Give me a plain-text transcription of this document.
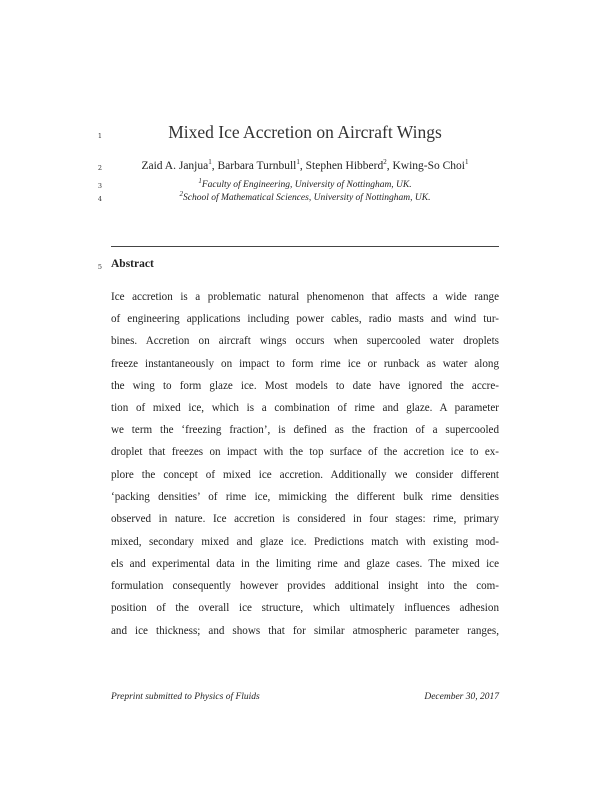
1
2
3
4
5
Mixed Ice Accretion on Aircraft Wings
Zaid A. Janjua$^1$, Barbara Turnbull$^1$, Stephen Hibberd$^2$, Kwing-So Choi$^1$
$^1$Faculty of Engineering, University of Nottingham, UK.
$^2$School of Mathematical Sciences, University of Nottingham, UK.
Abstract
Ice accretion is a problematic natural phenomenon that affects a wide range
of engineering applications including power cables, radio masts and wind tur-
bines. Accretion on aircraft wings occurs when supercooled water droplets
freeze instantaneously on impact to form rime ice or runback as water along
the wing to form glaze ice. Most models to date have ignored the accre-
tion of mixed ice, which is a combination of rime and glaze. A parameter
we term the ‘freezing fraction’, is defined as the fraction of a supercooled
droplet that freezes on impact with the top surface of the accretion ice to ex-
plore the concept of mixed ice accretion. Additionally we consider different
‘packing densities’ of rime ice, mimicking the different bulk rime densities
observed in nature. Ice accretion is considered in four stages: rime, primary
mixed, secondary mixed and glaze ice. Predictions match with existing mod-
els and experimental data in the limiting rime and glaze cases. The mixed ice
formulation consequently however provides additional insight into the com-
position of the overall ice structure, which ultimately influences adhesion
and ice thickness; and shows that for similar atmospheric parameter ranges,
Preprint submitted to Physics of Fluids	December 30, 2017
